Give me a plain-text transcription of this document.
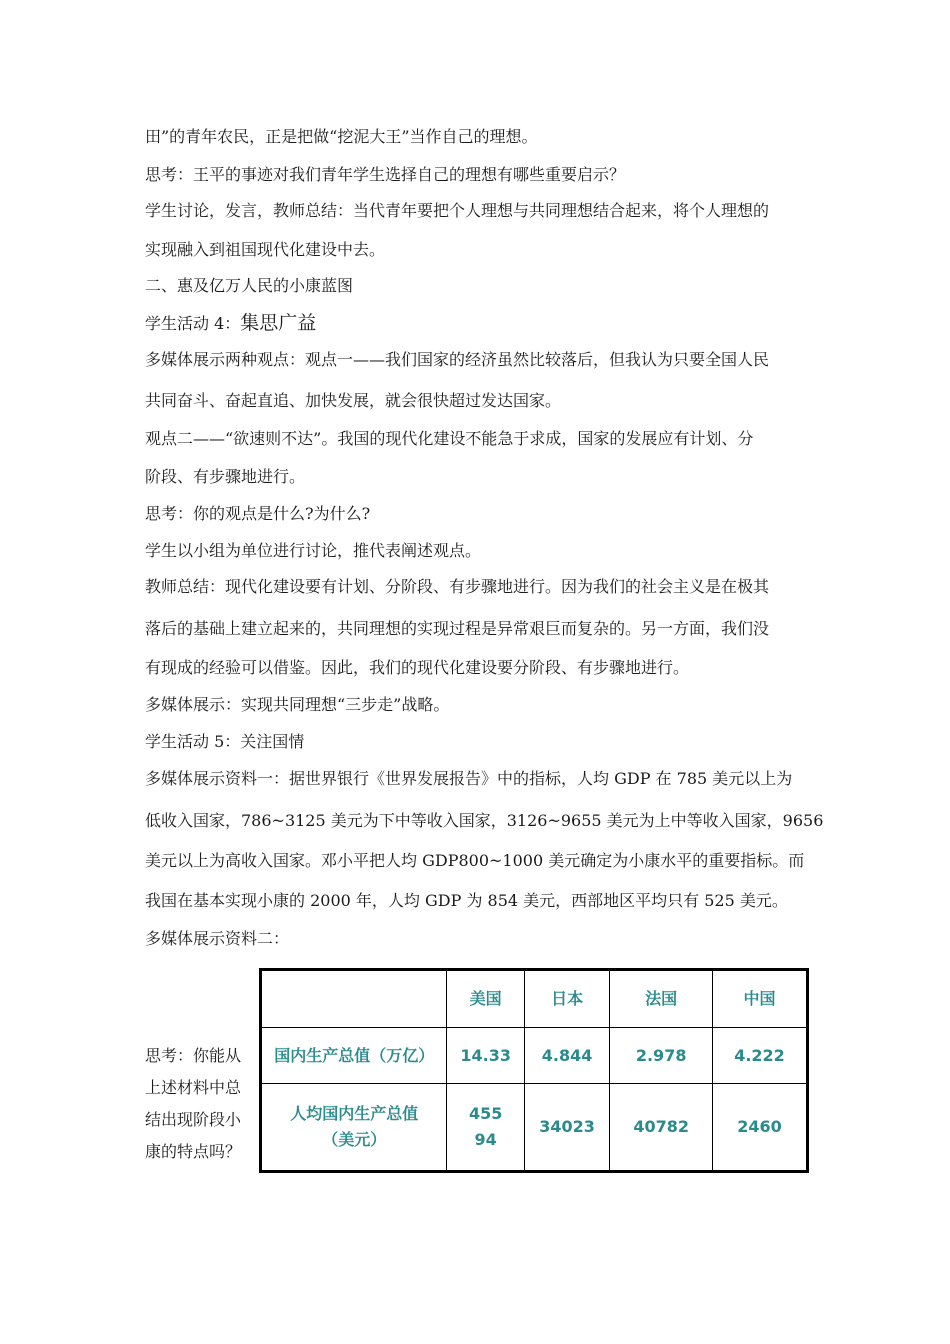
田”的青年农民，正是把做“挖泥大王”当作自己的理想。
思考：王平的事迹对我们青年学生选择自己的理想有哪些重要启示？
学生讨论，发言，教师总结：当代青年要把个人理想与共同理想结合起来，将个人理想的
实现融入到祖国现代化建设中去。
二、惠及亿万人民的小康蓝图
学生活动 4：集思广益
多媒体展示两种观点：观点一——我们国家的经济虽然比较落后，但我认为只要全国人民
共同奋斗、奋起直追、加快发展，就会很快超过发达国家。
观点二——“欲速则不达”。我国的现代化建设不能急于求成，国家的发展应有计划、分
阶段、有步骤地进行。
思考：你的观点是什么?为什么?
学生以小组为单位进行讨论，推代表阐述观点。
教师总结：现代化建设要有计划、分阶段、有步骤地进行。因为我们的社会主义是在极其
落后的基础上建立起来的，共同理想的实现过程是异常艰巨而复杂的。另一方面，我们没
有现成的经验可以借鉴。因此，我们的现代化建设要分阶段、有步骤地进行。
多媒体展示：实现共同理想“三步走”战略。
学生活动 5：关注国情
多媒体展示资料一：据世界银行《世界发展报告》中的指标，人均 GDP 在 785 美元以上为
低收入国家，786~3125 美元为下中等收入国家，3126~9655 美元为上中等收入国家，9656
美元以上为高收入国家。邓小平把人均 GDP800~1000 美元确定为小康水平的重要指标。而
我国在基本实现小康的 2000 年，人均 GDP 为 854 美元，西部地区平均只有 525 美元。
多媒体展示资料二：
思考：你能从
上述材料中总
结出现阶段小
康的特点吗？
	美国	日本	法国	中国
国内生产总值（万亿）	14.33	4.844	2.978	4.222
人均国内生产总值（美元）	45594	34023	40782	2460
